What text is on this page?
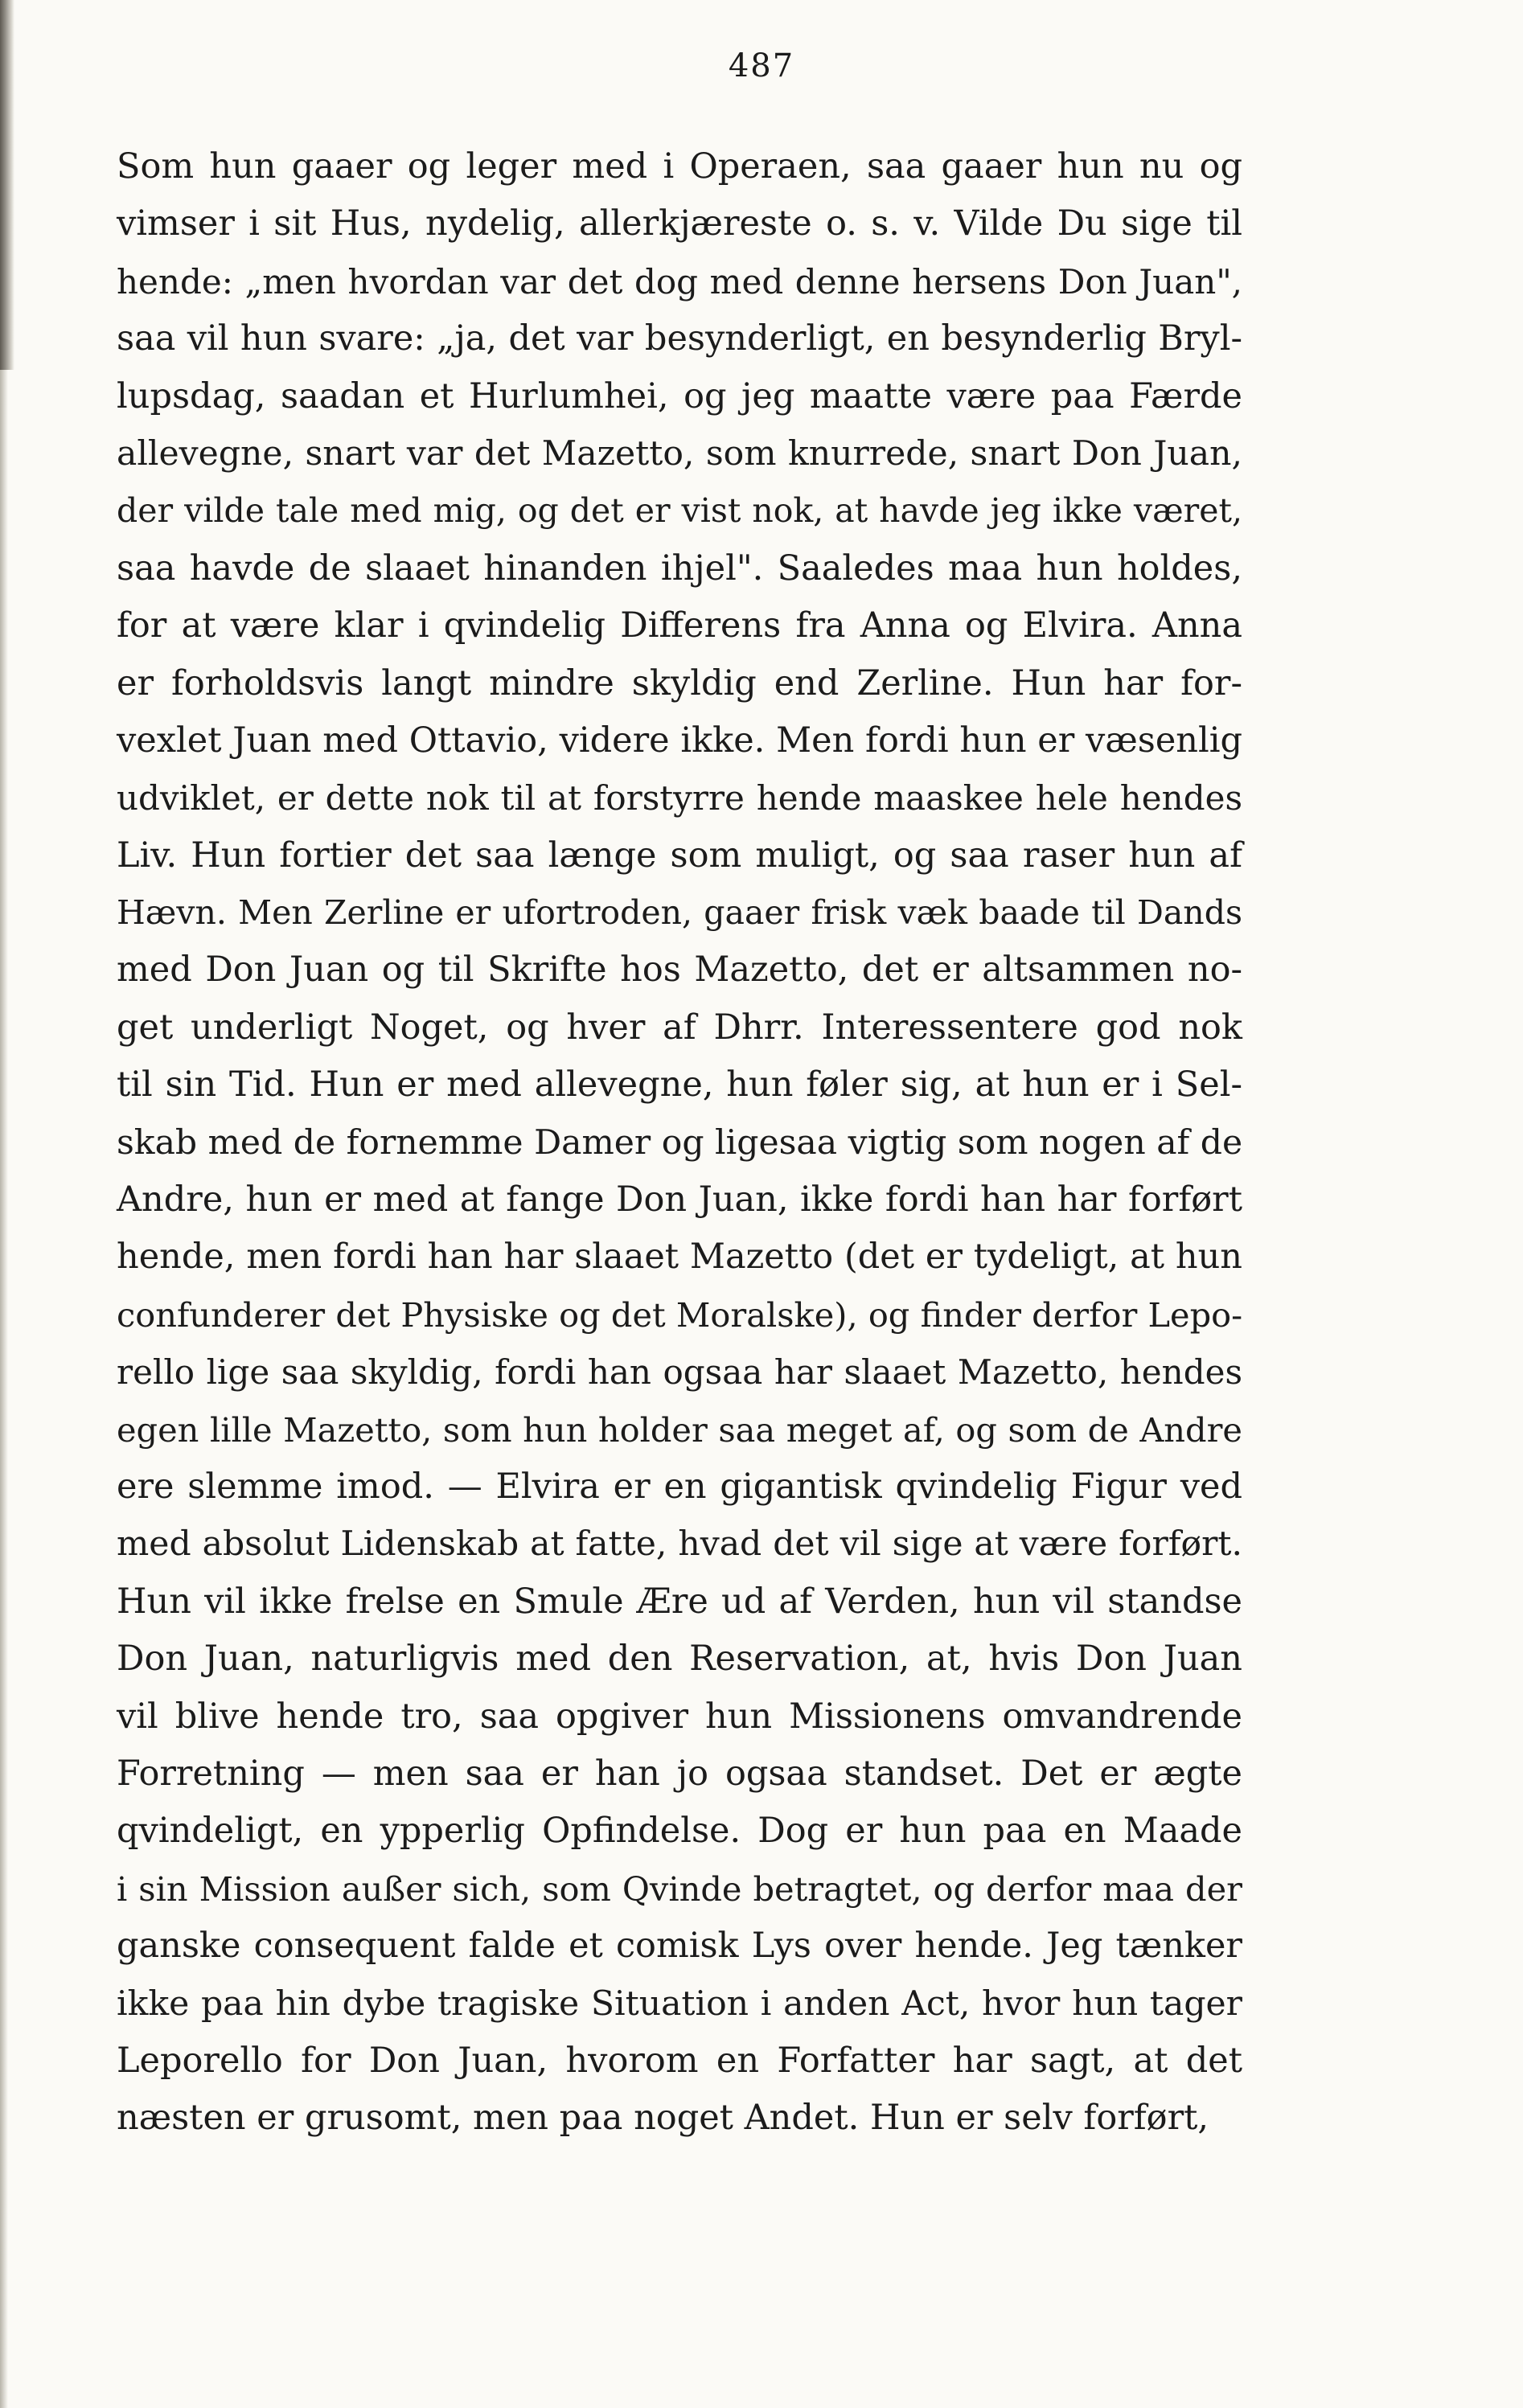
487
Som hun gaaer og leger med i Operaen, saa gaaer hun nu og
vimser i sit Hus, nydelig, allerkjæreste o. s. v. Vilde Du sige til
hende: „men hvordan var det dog med denne hersens Don Juan",
saa vil hun svare: „ja, det var besynderligt, en besynderlig Bryl-
lupsdag, saadan et Hurlumhei, og jeg maatte være paa Færde
allevegne, snart var det Mazetto, som knurrede, snart Don Juan,
der vilde tale med mig, og det er vist nok, at havde jeg ikke været,
saa havde de slaaet hinanden ihjel". Saaledes maa hun holdes,
for at være klar i qvindelig Differens fra Anna og Elvira. Anna
er forholdsvis langt mindre skyldig end Zerline. Hun har for-
vexlet Juan med Ottavio, videre ikke. Men fordi hun er væsenlig
udviklet, er dette nok til at forstyrre hende maaskee hele hendes
Liv. Hun fortier det saa længe som muligt, og saa raser hun af
Hævn. Men Zerline er ufortroden, gaaer frisk væk baade til Dands
med Don Juan og til Skrifte hos Mazetto, det er altsammen no-
get underligt Noget, og hver af Dhrr. Interessentere god nok
til sin Tid. Hun er med allevegne, hun føler sig, at hun er i Sel-
skab med de fornemme Damer og ligesaa vigtig som nogen af de
Andre, hun er med at fange Don Juan, ikke fordi han har forført
hende, men fordi han har slaaet Mazetto (det er tydeligt, at hun
confunderer det Physiske og det Moralske), og finder derfor Lepo-
rello lige saa skyldig, fordi han ogsaa har slaaet Mazetto, hendes
egen lille Mazetto, som hun holder saa meget af, og som de Andre
ere slemme imod. — Elvira er en gigantisk qvindelig Figur ved
med absolut Lidenskab at fatte, hvad det vil sige at være forført.
Hun vil ikke frelse en Smule Ære ud af Verden, hun vil standse
Don Juan, naturligvis med den Reservation, at, hvis Don Juan
vil blive hende tro, saa opgiver hun Missionens omvandrende
Forretning — men saa er han jo ogsaa standset. Det er ægte
qvindeligt, en ypperlig Opfindelse. Dog er hun paa en Maade
i sin Mission außer sich, som Qvinde betragtet, og derfor maa der
ganske consequent falde et comisk Lys over hende. Jeg tænker
ikke paa hin dybe tragiske Situation i anden Act, hvor hun tager
Leporello for Don Juan, hvorom en Forfatter har sagt, at det
næsten er grusomt, men paa noget Andet. Hun er selv forført,
